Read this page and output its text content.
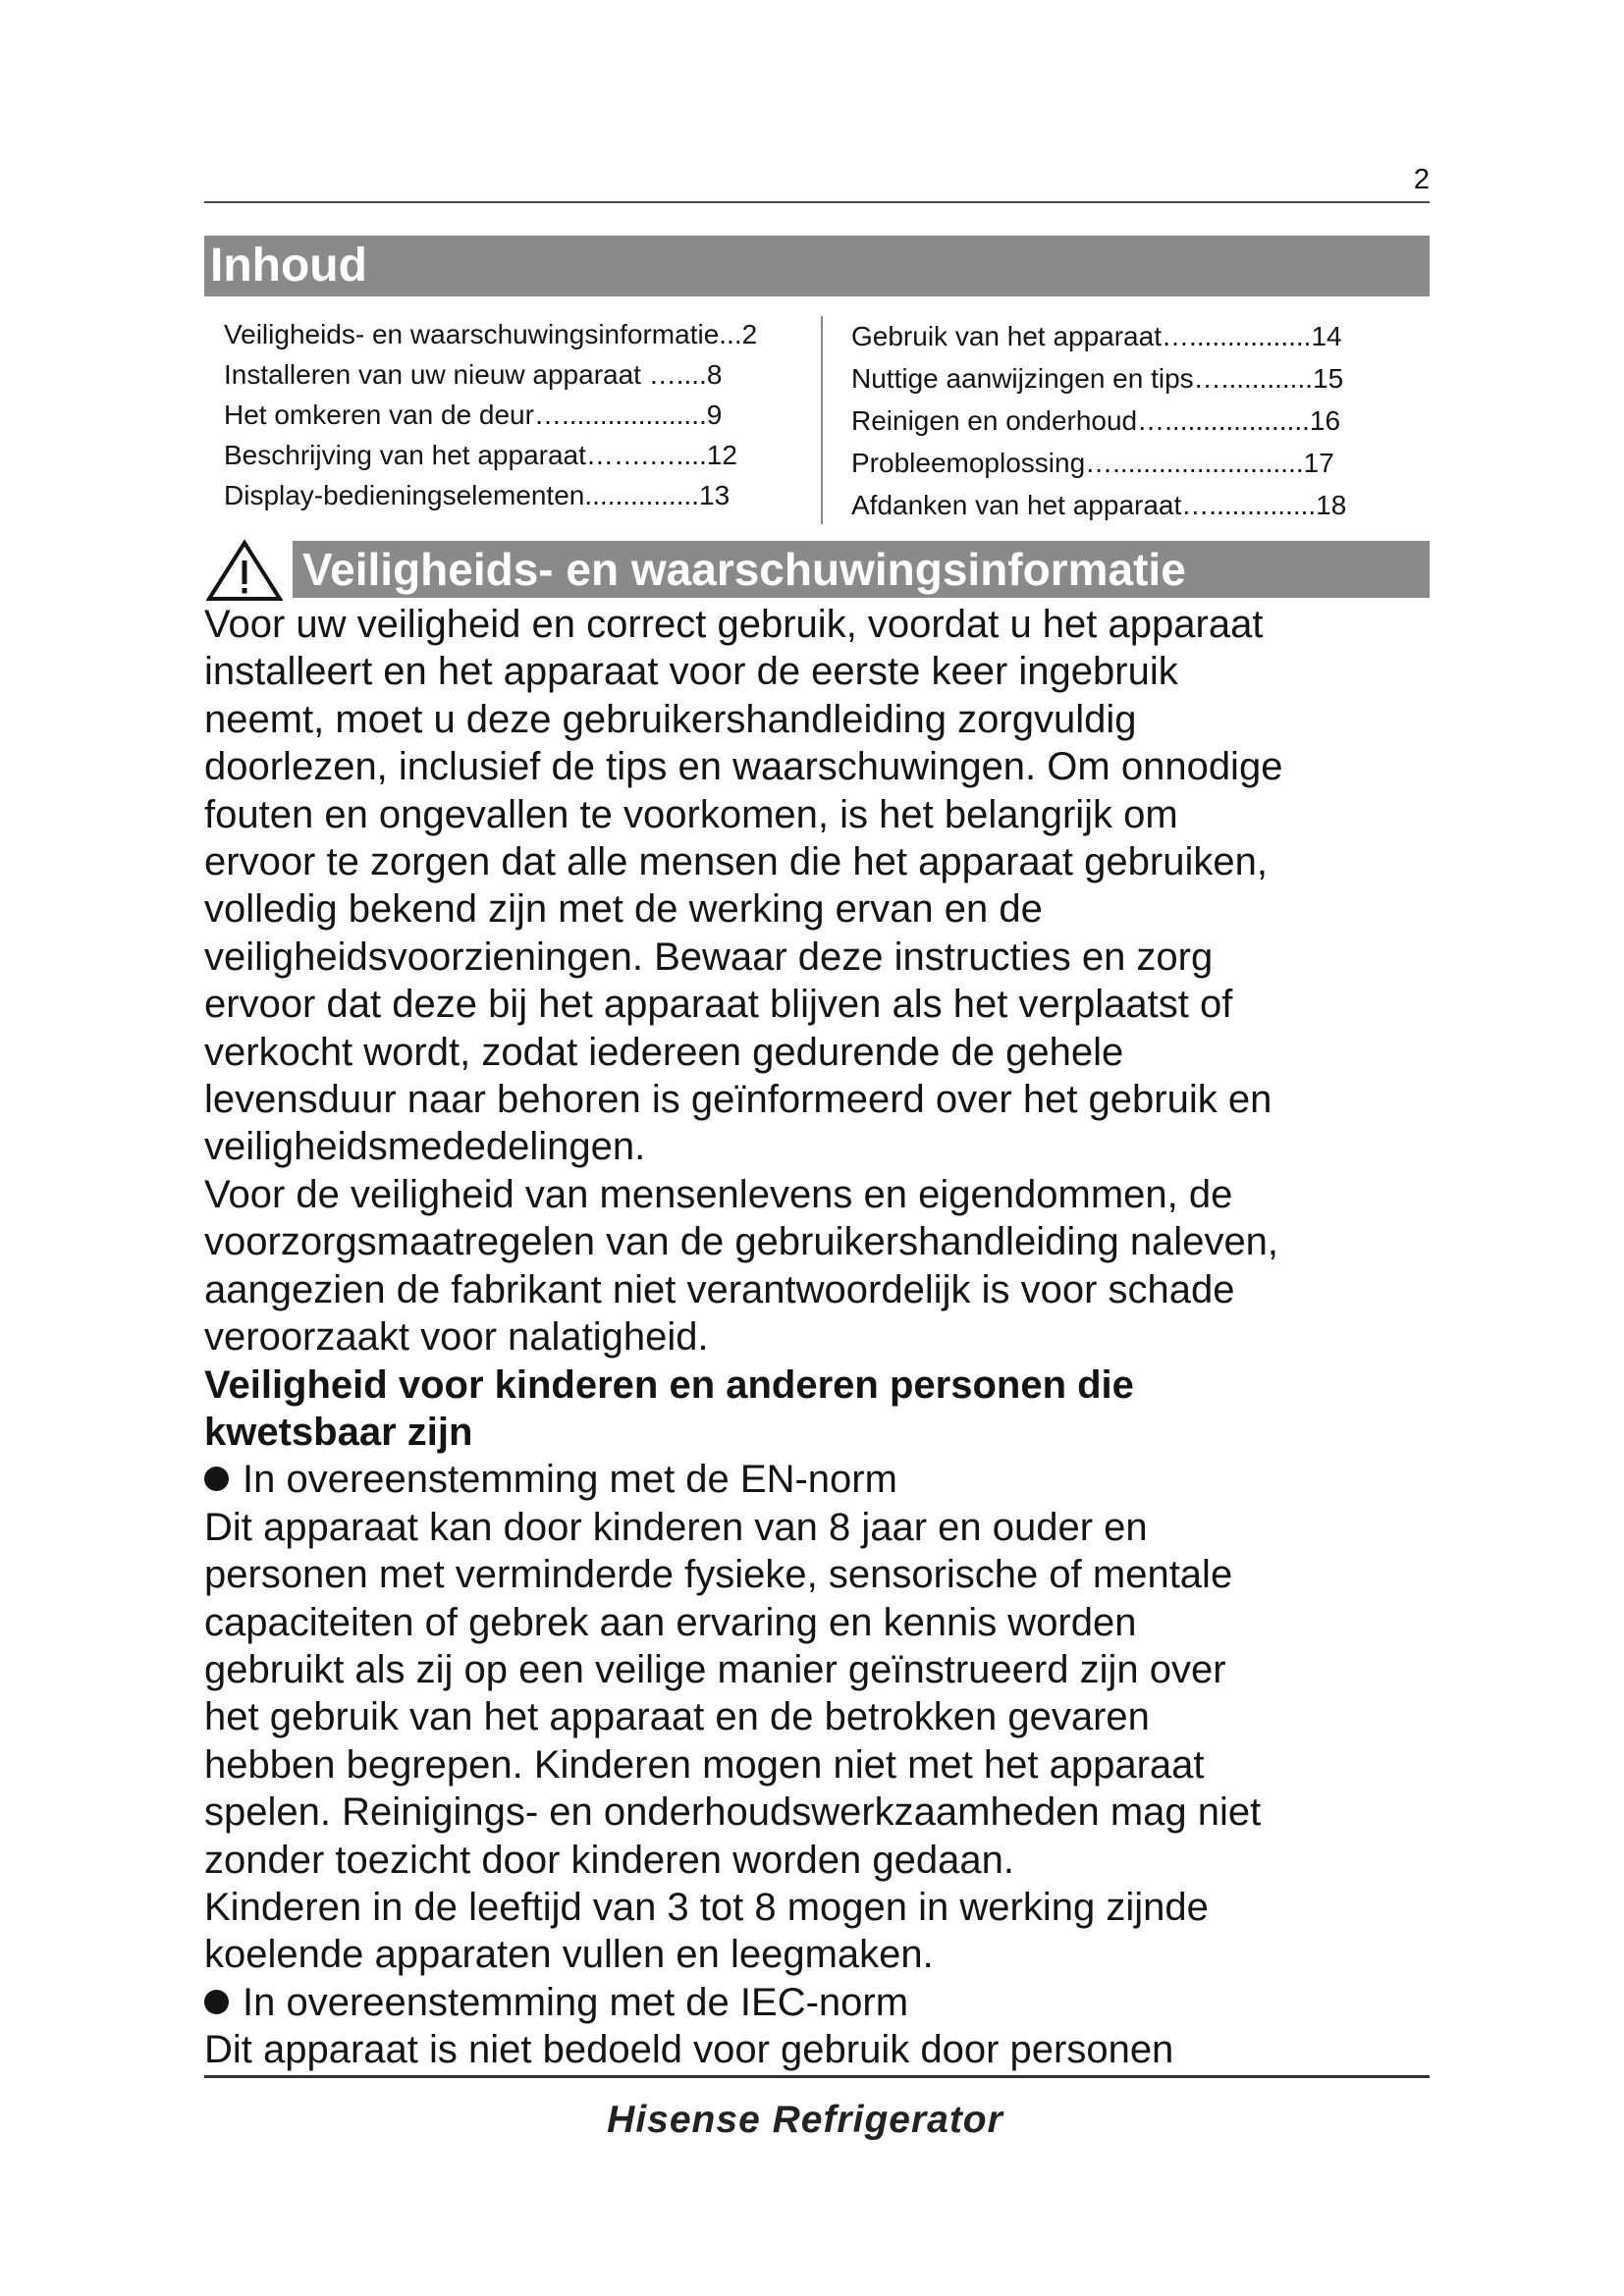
2
Inhoud
Veiligheids- en waarschuwingsinformatie...2
Installeren van uw nieuw apparaat …....8
Het omkeren van de deur…...................9
Beschrijving van het apparaat…….…....12
Display-bedieningselementen...............13
Gebruik van het apparaat…................14
Nuttige aanwijzingen en tips…............15
Reinigen en onderhoud…...................16
Probleemoplossing….........................17
Afdanken van het apparaat…..............18
Veiligheids- en waarschuwingsinformatie

Voor uw veiligheid en correct gebruik, voordat u het apparaat

installeert en het apparaat voor de eerste keer ingebruik

neemt, moet u deze gebruikershandleiding zorgvuldig

doorlezen, inclusief de tips en waarschuwingen. Om onnodige

fouten en ongevallen te voorkomen, is het belangrijk om

ervoor te zorgen dat alle mensen die het apparaat gebruiken,

volledig bekend zijn met de werking ervan en de

veiligheidsvoorzieningen. Bewaar deze instructies en zorg

ervoor dat deze bij het apparaat blijven als het verplaatst of

verkocht wordt, zodat iedereen gedurende de gehele

levensduur naar behoren is geïnformeerd over het gebruik en

veiligheidsmededelingen.

Voor de veiligheid van mensenlevens en eigendommen, de

voorzorgsmaatregelen van de gebruikershandleiding naleven,

aangezien de fabrikant niet verantwoordelijk is voor schade

veroorzaakt voor nalatigheid.

Veiligheid voor kinderen en anderen personen die

kwetsbaar zijn

In overeenstemming met de EN-norm

Dit apparaat kan door kinderen van 8 jaar en ouder en

personen met verminderde fysieke, sensorische of mentale

capaciteiten of gebrek aan ervaring en kennis worden

gebruikt als zij op een veilige manier geïnstrueerd zijn over

het gebruik van het apparaat en de betrokken gevaren

hebben begrepen. Kinderen mogen niet met het apparaat

spelen. Reinigings- en onderhoudswerkzaamheden mag niet

zonder toezicht door kinderen worden gedaan.

Kinderen in de leeftijd van 3 tot 8 mogen in werking zijnde

koelende apparaten vullen en leegmaken.

In overeenstemming met de IEC-norm

Dit apparaat is niet bedoeld voor gebruik door personen

Hisense Refrigerator
